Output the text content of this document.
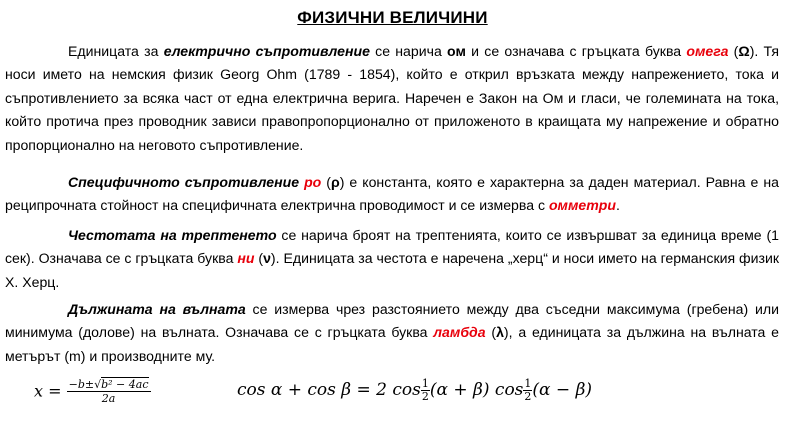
ФИЗИЧНИ ВЕЛИЧИНИ
Единицата за електрично съпротивление се нарича ом и се означава с гръцката буква омега (Ω). Тя носи името на немския физик Georg Ohm (1789 - 1854), който е открил връзката между напрежението, тока и съпротивлението за всяка част от една електрична верига. Наречен е Закон на Ом и гласи, че големината на тока, който протича през проводник зависи правопропорционално от приложеното в краищата му напрежение и обратно пропорционално на неговото съпротивление.
Специфичното съпротивление ро (ρ) е константа, която е характерна за даден материал. Равна е на реципрочната стойност на специфичната електрична проводимост и се измерва с омметри.
Честотата на трептенето се нарича броят на трептенията, които се извършват за единица време (1 сек). Означава се с гръцката буква ни (ν). Единицата за честота е наречена „херц“ и носи името на германския физик Х. Херц.
Дължината на вълната се измерва чрез разстоянието между два съседни максимума (гребена) или минимума (долове) на вълната. Означава се с гръцката буква ламбда (λ), а единицата за дължина на вълната е метърът (m) и производните му.
$x = \frac{\text{−b±√b² − 4ac}}{2a}$	cos α + cos β = 2 $\cos \frac{1}{2} (\alpha + \beta)$ $\cos \frac{1}{2} (\alpha - \beta)$
